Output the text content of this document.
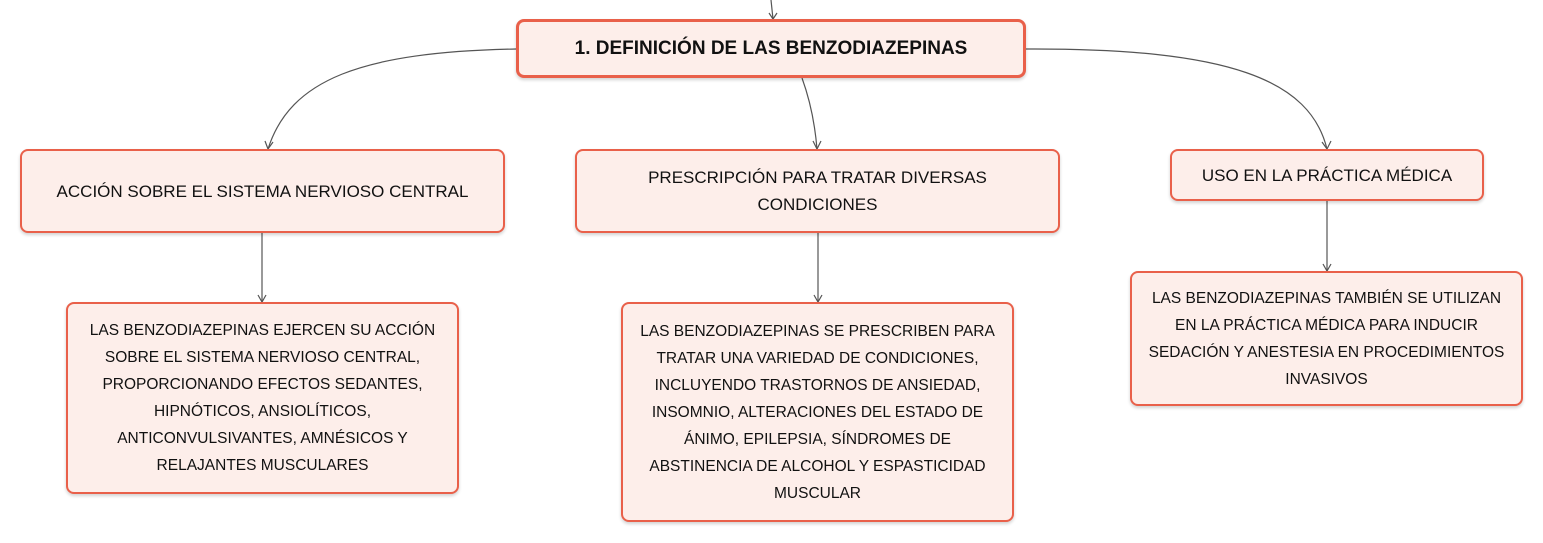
1. DEFINICIÓN DE LAS BENZODIAZEPINAS
ACCIÓN SOBRE EL SISTEMA NERVIOSO CENTRAL
PRESCRIPCIÓN PARA TRATAR DIVERSAS CONDICIONES
USO EN LA PRÁCTICA MÉDICA
LAS BENZODIAZEPINAS EJERCEN SU ACCIÓN SOBRE EL SISTEMA NERVIOSO CENTRAL, PROPORCIONANDO EFECTOS SEDANTES, HIPNÓTICOS, ANSIOLÍTICOS, ANTICONVULSIVANTES, AMNÉSICOS Y RELAJANTES MUSCULARES
LAS BENZODIAZEPINAS SE PRESCRIBEN PARA TRATAR UNA VARIEDAD DE CONDICIONES, INCLUYENDO TRASTORNOS DE ANSIEDAD, INSOMNIO, ALTERACIONES DEL ESTADO DE ÁNIMO, EPILEPSIA, SÍNDROMES DE ABSTINENCIA DE ALCOHOL Y ESPASTICIDAD MUSCULAR
LAS BENZODIAZEPINAS TAMBIÉN SE UTILIZAN EN LA PRÁCTICA MÉDICA PARA INDUCIR SEDACIÓN Y ANESTESIA EN PROCEDIMIENTOS INVASIVOS
